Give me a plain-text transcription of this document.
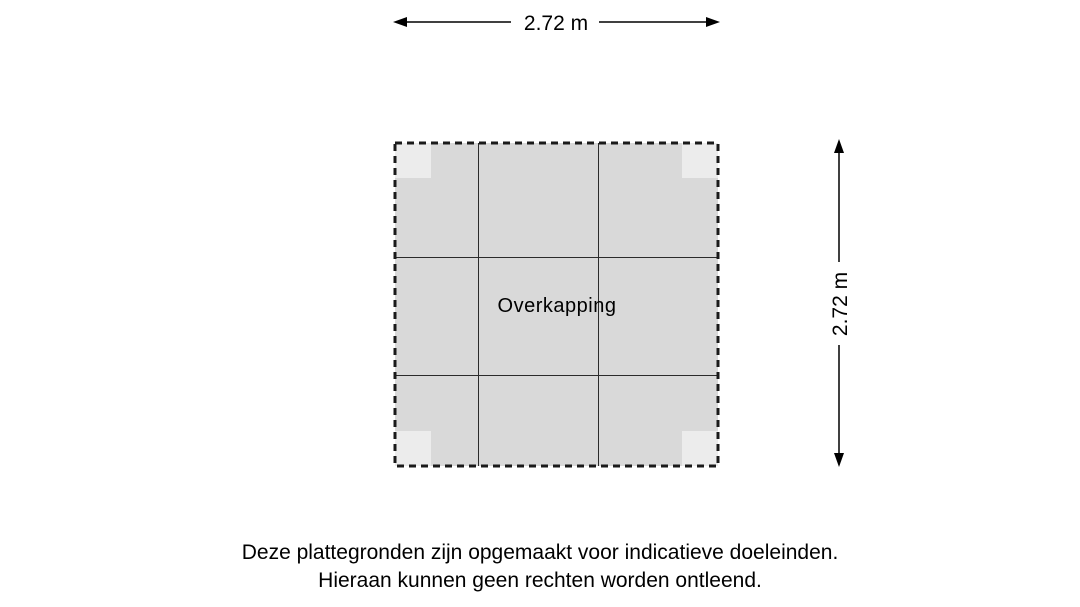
2.72 m
2.72 m
Overkapping
Deze plattegronden zijn opgemaakt voor indicatieve doeleinden.
Hieraan kunnen geen rechten worden ontleend.
